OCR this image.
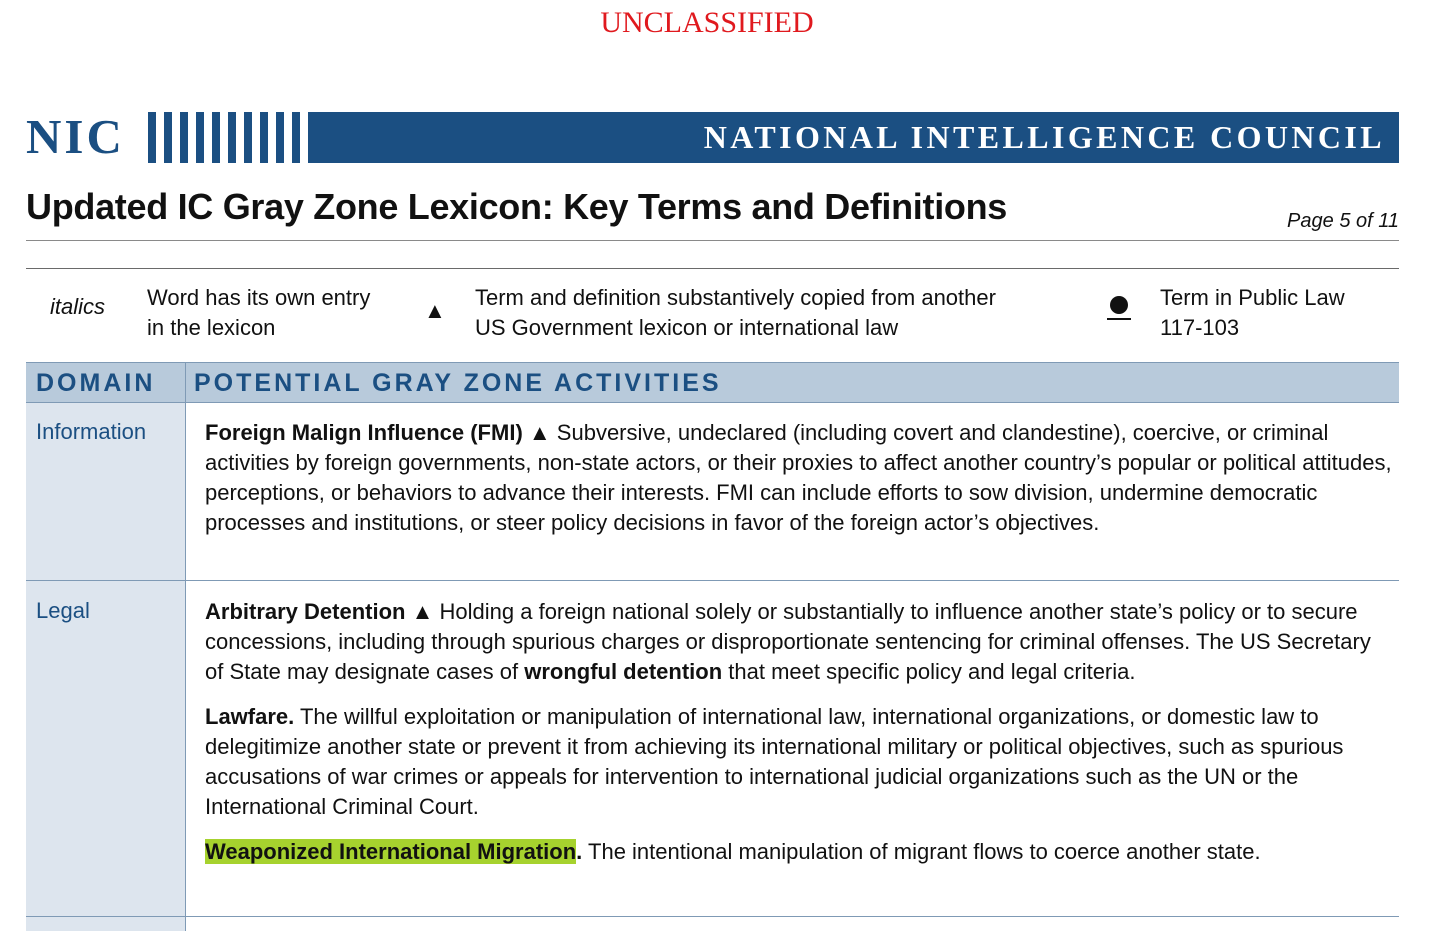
UNCLASSIFIED
NIC	NATIONAL INTELLIGENCE COUNCIL
Updated IC Gray Zone Lexicon: Key Terms and Definitions	Page 5 of 11
italics Word has its own entry
in the lexicon
▲
Term and definition substantively copied from another
US Government lexicon or international law
Term in Public Law
117-103
DOMAIN POTENTIAL GRAY ZONE ACTIVITIES
Information	Foreign Malign Influence (FMI) ▲ Subversive, undeclared (including covert and clandestine), coercive, or criminal activities by foreign governments, non-state actors, or their proxies to affect another country’s popular or political attitudes, perceptions, or behaviors to advance their interests. FMI can include efforts to sow division, undermine democratic processes and institutions, or steer policy decisions in favor of the foreign actor’s objectives.
Legal	Arbitrary Detention ▲ Holding a foreign national solely or substantially to influence another state’s policy or to secure concessions, including through spurious charges or disproportionate sentencing for criminal offenses. The US Secretary of State may designate cases of wrongful detention that meet specific policy and legal criteria.
Lawfare. The willful exploitation or manipulation of international law, international organizations, or domestic law to delegitimize another state or prevent it from achieving its international military or political objectives, such as spurious accusations of war crimes or appeals for intervention to international judicial organizations such as the UN or the International Criminal Court.
Weaponized International Migration. The intentional manipulation of migrant flows to coerce another state.
